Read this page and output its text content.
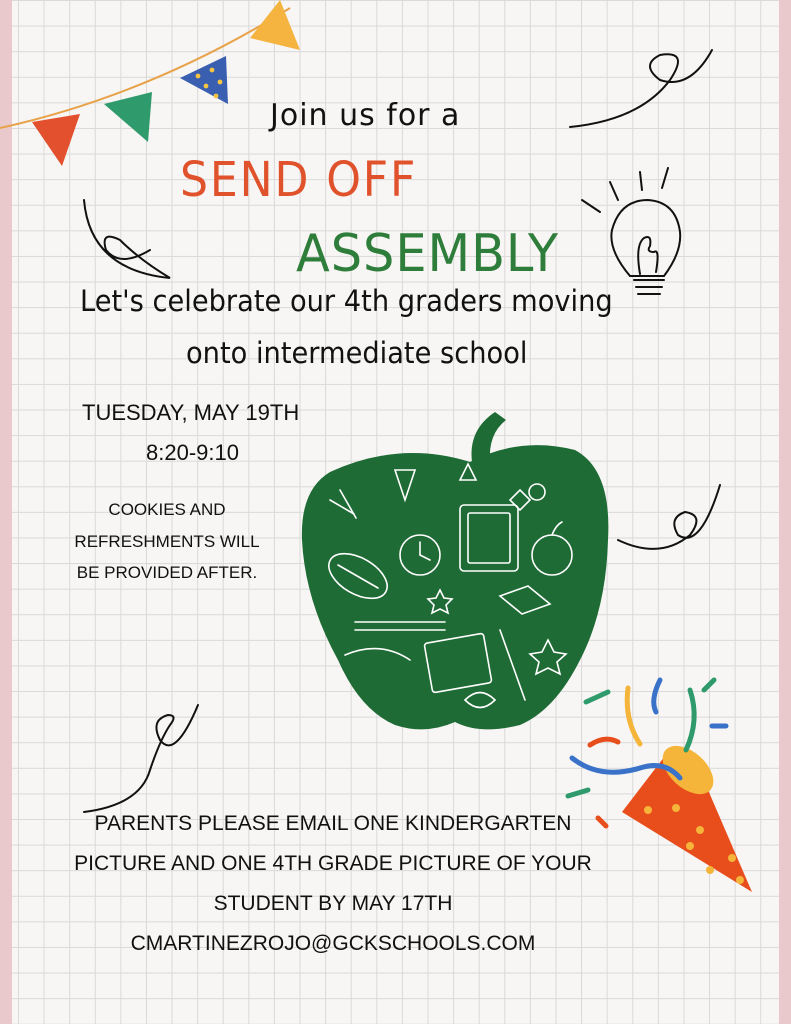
Join us for a
SEND OFF
ASSEMBLY
Let's celebrate our 4th graders moving
onto intermediate school
TUESDAY, MAY 19TH
8:20-9:10
COOKIES AND REFRESHMENTS WILL BE PROVIDED AFTER.
PARENTS PLEASE EMAIL ONE KINDERGARTEN PICTURE AND ONE 4TH GRADE PICTURE OF YOUR STUDENT BY MAY 17TH
CMARTINEZROJO@GCKSCHOOLS.COM
